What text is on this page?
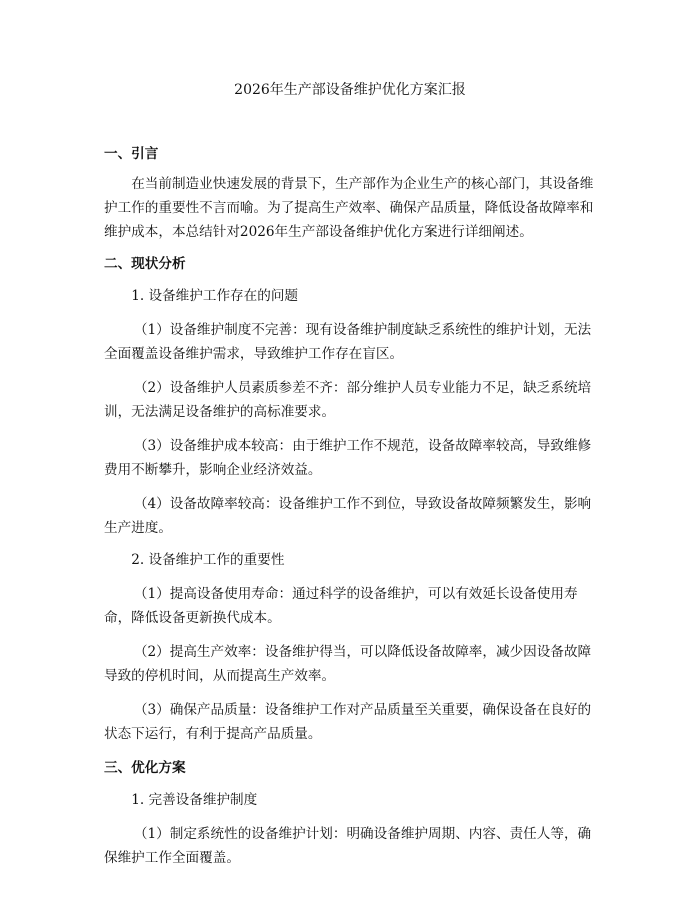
2026年生产部设备维护优化方案汇报

一、引言

在当前制造业快速发展的背景下，生产部作为企业生产的核心部门，其设备维护工作的重要性不言而喻。为了提高生产效率、确保产品质量，降低设备故障率和维护成本，本总结针对2026年生产部设备维护优化方案进行详细阐述。

二、现状分析

1. 设备维护工作存在的问题

（1）设备维护制度不完善：现有设备维护制度缺乏系统性的维护计划，无法全面覆盖设备维护需求，导致维护工作存在盲区。

（2）设备维护人员素质参差不齐：部分维护人员专业能力不足，缺乏系统培训，无法满足设备维护的高标准要求。

（3）设备维护成本较高：由于维护工作不规范，设备故障率较高，导致维修费用不断攀升，影响企业经济效益。

（4）设备故障率较高：设备维护工作不到位，导致设备故障频繁发生，影响生产进度。

2. 设备维护工作的重要性

（1）提高设备使用寿命：通过科学的设备维护，可以有效延长设备使用寿命，降低设备更新换代成本。

（2）提高生产效率：设备维护得当，可以降低设备故障率，减少因设备故障导致的停机时间，从而提高生产效率。

（3）确保产品质量：设备维护工作对产品质量至关重要，确保设备在良好的状态下运行，有利于提高产品质量。

三、优化方案

1. 完善设备维护制度

（1）制定系统性的设备维护计划：明确设备维护周期、内容、责任人等，确保维护工作全面覆盖。
